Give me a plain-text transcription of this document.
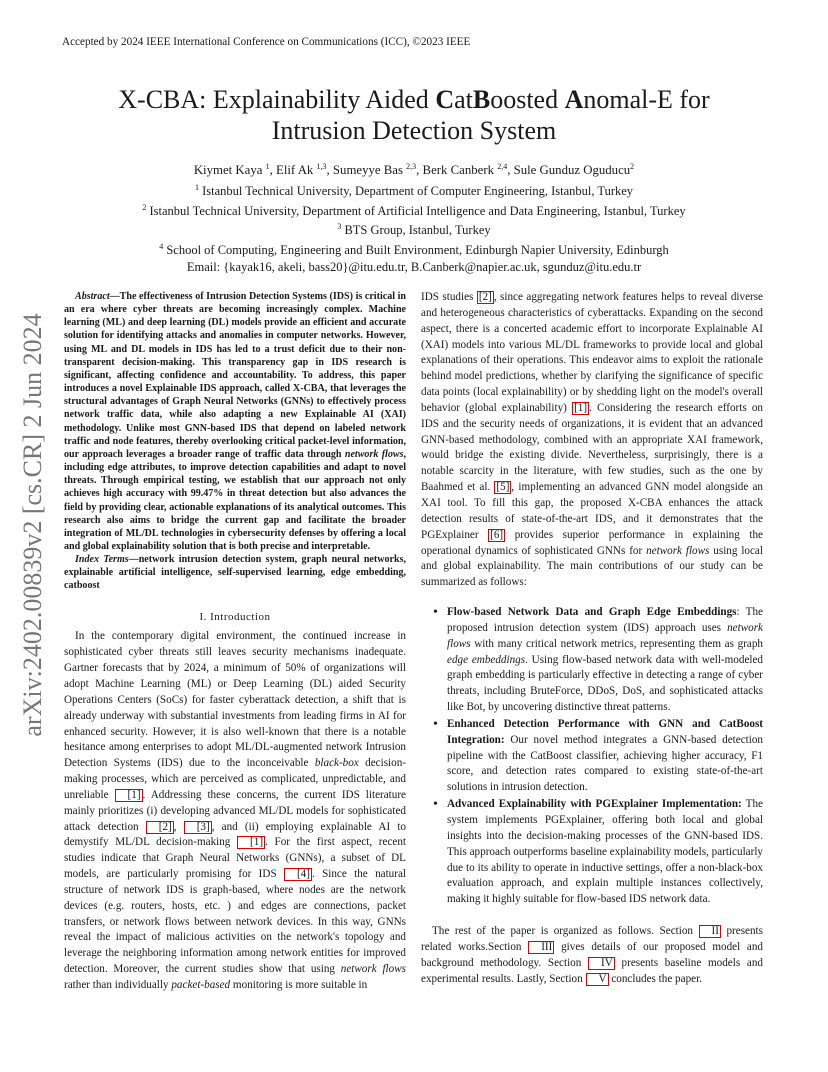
Accepted by 2024 IEEE International Conference on Communications (ICC), ©2023 IEEE
X-CBA: Explainability Aided CatBoosted Anomal-E for
Intrusion Detection System
Kiymet Kaya $^1$, Elif Ak $^{1,3}$, Sumeyye Bas $^{2,3}$, Berk Canberk $^{2,4}$, Sule Gunduz Oguducu$^2$
$^1$ Istanbul Technical University, Department of Computer Engineering, Istanbul, Turkey
$^2$ Istanbul Technical University, Department of Artificial Intelligence and Data Engineering, Istanbul, Turkey
$^3$ BTS Group, Istanbul, Turkey
$^4$ School of Computing, Engineering and Built Environment, Edinburgh Napier University, Edinburgh
Email: {kayak16, akeli, bass20}@itu.edu.tr, B.Canberk@napier.ac.uk, sgunduz@itu.edu.tr
arXiv:2402.00839v2 [cs.CR] 2 Jun 2024

Abstract—The effectiveness of Intrusion Detection Systems (IDS) is critical in an era where cyber threats are becoming increasingly complex. Machine learning (ML) and deep learning (DL) models provide an efficient and accurate solution for identifying attacks and anomalies in computer networks. However, using ML and DL models in IDS has led to a trust deficit due to their non-transparent decision-making. This transparency gap in IDS research is significant, affecting confidence and accountability. To address, this paper introduces a novel Explainable IDS approach, called X-CBA, that leverages the structural advantages of Graph Neural Networks (GNNs) to effectively process network traffic data, while also adapting a new Explainable AI (XAI) methodology. Unlike most GNN-based IDS that depend on labeled network traffic and node features, thereby overlooking critical packet-level information, our approach leverages a broader range of traffic data through network flows, including edge attributes, to improve detection capabilities and adapt to novel threats. Through empirical testing, we establish that our approach not only achieves high accuracy with 99.47% in threat detection but also advances the field by providing clear, actionable explanations of its analytical outcomes. This research also aims to bridge the current gap and facilitate the broader integration of ML/DL technologies in cybersecurity defenses by offering a local and global explainability solution that is both precise and interpretable.

Index Terms—network intrusion detection system, graph neural networks, explainable artificial intelligence, self-supervised learning, edge embedding, catboost

I. Introduction

In the contemporary digital environment, the continued increase in sophisticated cyber threats still leaves security mechanisms inadequate. Gartner forecasts that by 2024, a minimum of 50% of organizations will adopt Machine Learning (ML) or Deep Learning (DL) aided Security Operations Centers (SoCs) for faster cyberattack detection, a shift that is already underway with substantial investments from leading firms in AI for enhanced security. However, it is also well-known that there is a notable hesitance among enterprises to adopt ML/DL-augmented network Intrusion Detection Systems (IDS) due to the inconceivable black-box decision-making processes, which are perceived as complicated, unpredictable, and unreliable [1] . Addressing these concerns, the current IDS literature mainly prioritizes (i) developing advanced ML/DL models for sophisticated attack detection [2] , [3] , and (ii) employing explainable AI to demystify ML/DL decision-making [1] . For the first aspect, recent studies indicate that Graph Neural Networks (GNNs), a subset of DL models, are particularly promising for IDS [4] . Since the natural structure of network IDS is graph-based, where nodes are the network devices (e.g. routers, hosts, etc. ) and edges are connections, packet transfers, or network flows between network devices. In this way, GNNs reveal the impact of malicious activities on the network's topology and leverage the neighboring information among network entities for improved detection. Moreover, the current studies show that using network flows rather than individually packet-based monitoring is more suitable in

IDS studies [2] , since aggregating network features helps to reveal diverse and heterogeneous characteristics of cyberattacks. Expanding on the second aspect, there is a concerted academic effort to incorporate Explainable AI (XAI) models into various ML/DL frameworks to provide local and global explanations of their operations. This endeavor aims to exploit the rationale behind model predictions, whether by clarifying the significance of specific data points (local explainability) or by shedding light on the model's overall behavior (global explainability) [1] . Considering the research efforts on IDS and the security needs of organizations, it is evident that an advanced GNN-based methodology, combined with an appropriate XAI framework, would bridge the existing divide. Nevertheless, surprisingly, there is a notable scarcity in the literature, with few studies, such as the one by Baahmed et al. [5] , implementing an advanced GNN model alongside an XAI tool. To fill this gap, the proposed X-CBA enhances the attack detection results of state-of-the-art IDS, and it demonstrates that the PGExplainer [6] provides superior performance in explaining the operational dynamics of sophisticated GNNs for network flows using local and global explainability. The main contributions of our study can be summarized as follows:

• Flow-based Network Data and Graph Edge Embeddings: The proposed intrusion detection system (IDS) approach uses network flows with many critical network metrics, representing them as graph edge embeddings. Using flow-based network data with well-modeled graph embedding is particularly effective in detecting a range of cyber threats, including BruteForce, DDoS, DoS, and sophisticated attacks like Bot, by uncovering distinctive threat patterns.
• Enhanced Detection Performance with GNN and CatBoost Integration: Our novel method integrates a GNN-based detection pipeline with the CatBoost classifier, achieving higher accuracy, F1 score, and detection rates compared to existing state-of-the-art solutions in intrusion detection.
• Advanced Explainability with PGExplainer Implementation: The system implements PGExplainer, offering both local and global insights into the decision-making processes of the GNN-based IDS. This approach outperforms baseline explainability models, particularly due to its ability to operate in inductive settings, offer a non-black-box evaluation approach, and explain multiple instances collectively, making it highly suitable for flow-based IDS network data.

The rest of the paper is organized as follows. Section II presents related works.Section III gives details of our proposed model and background methodology. Section IV presents baseline models and experimental results. Lastly, Section V concludes the paper.
